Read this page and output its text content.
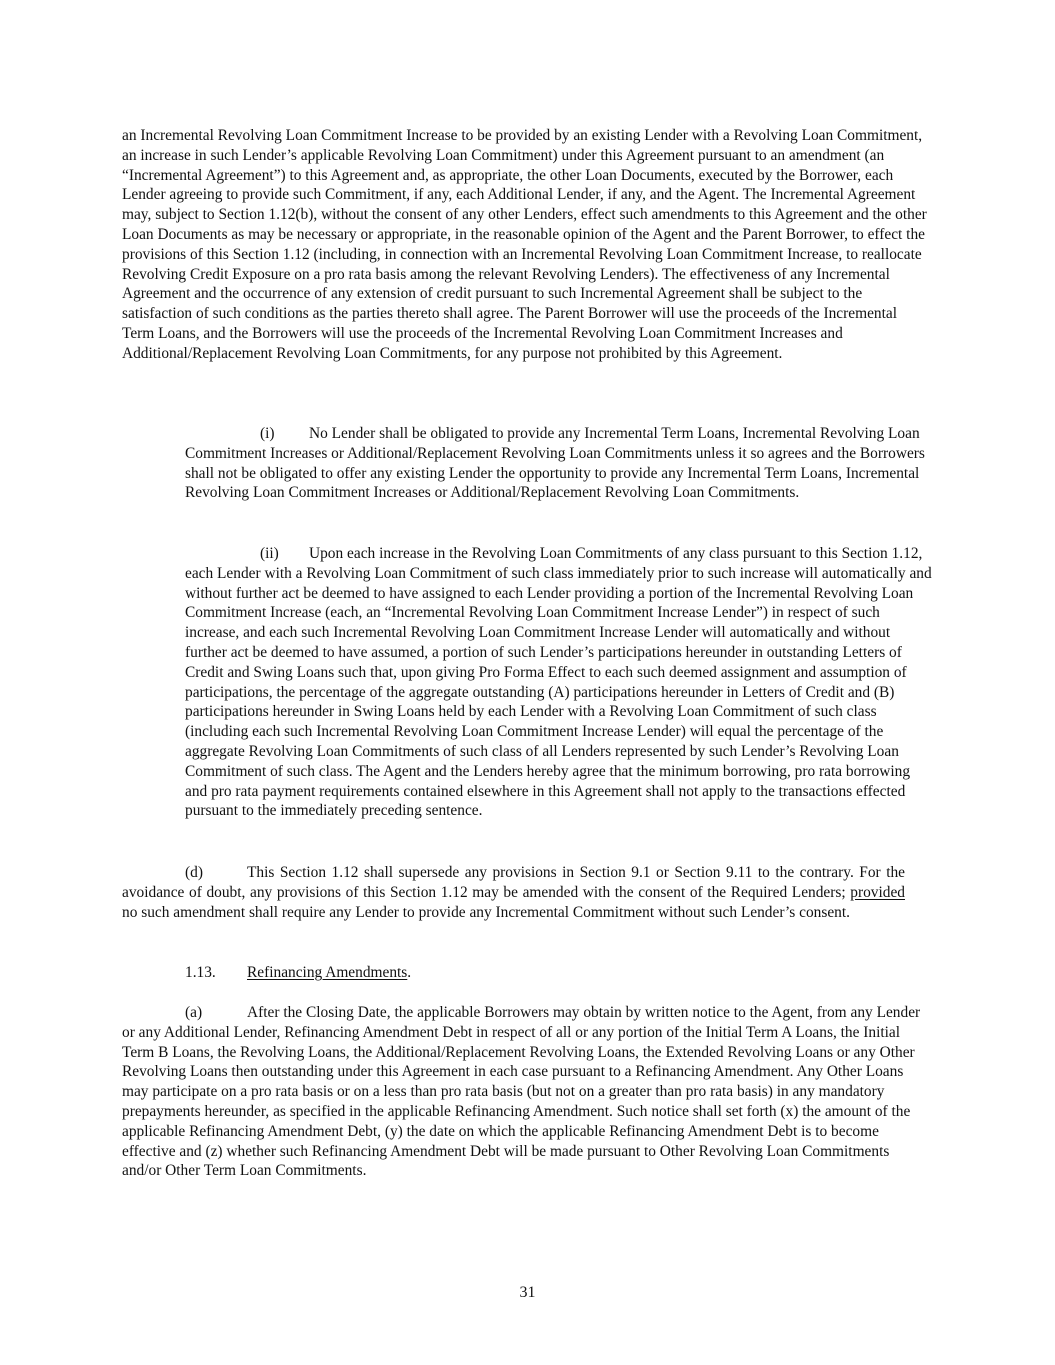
an Incremental Revolving Loan Commitment Increase to be provided by an existing Lender with a Revolving Loan Commitment, an increase in such Lender’s applicable Revolving Loan Commitment) under this Agreement pursuant to an amendment (an “Incremental Agreement”) to this Agreement and, as appropriate, the other Loan Documents, executed by the Borrower, each Lender agreeing to provide such Commitment, if any, each Additional Lender, if any, and the Agent. The Incremental Agreement may, subject to Section 1.12(b), without the consent of any other Lenders, effect such amendments to this Agreement and the other Loan Documents as may be necessary or appropriate, in the reasonable opinion of the Agent and the Parent Borrower, to effect the provisions of this Section 1.12 (including, in connection with an Incremental Revolving Loan Commitment Increase, to reallocate Revolving Credit Exposure on a pro rata basis among the relevant Revolving Lenders). The effectiveness of any Incremental Agreement and the occurrence of any extension of credit pursuant to such Incremental Agreement shall be subject to the satisfaction of such conditions as the parties thereto shall agree. The Parent Borrower will use the proceeds of the Incremental Term Loans, and the Borrowers will use the proceeds of the Incremental Revolving Loan Commitment Increases and Additional/Replacement Revolving Loan Commitments, for any purpose not prohibited by this Agreement.

(i) No Lender shall be obligated to provide any Incremental Term Loans, Incremental Revolving Loan Commitment Increases or Additional/Replacement Revolving Loan Commitments unless it so agrees and the Borrowers shall not be obligated to offer any existing Lender the opportunity to provide any Incremental Term Loans, Incremental Revolving Loan Commitment Increases or Additional/Replacement Revolving Loan Commitments.

(ii) Upon each increase in the Revolving Loan Commitments of any class pursuant to this Section 1.12, each Lender with a Revolving Loan Commitment of such class immediately prior to such increase will automatically and without further act be deemed to have assigned to each Lender providing a portion of the Incremental Revolving Loan Commitment Increase (each, an “Incremental Revolving Loan Commitment Increase Lender”) in respect of such increase, and each such Incremental Revolving Loan Commitment Increase Lender will automatically and without further act be deemed to have assumed, a portion of such Lender’s participations hereunder in outstanding Letters of Credit and Swing Loans such that, upon giving Pro Forma Effect to each such deemed assignment and assumption of participations, the percentage of the aggregate outstanding (A) participations hereunder in Letters of Credit and (B) participations hereunder in Swing Loans held by each Lender with a Revolving Loan Commitment of such class (including each such Incremental Revolving Loan Commitment Increase Lender) will equal the percentage of the aggregate Revolving Loan Commitments of such class of all Lenders represented by such Lender’s Revolving Loan Commitment of such class. The Agent and the Lenders hereby agree that the minimum borrowing, pro rata borrowing and pro rata payment requirements contained elsewhere in this Agreement shall not apply to the transactions effected pursuant to the immediately preceding sentence.

(d)	This Section 1.12 shall supersede any provisions in Section 9.1 or Section 9.11 to the contrary. For the avoidance of doubt, any provisions of this Section 1.12 may be amended with the consent of the Required Lenders; provided no such amendment shall require any Lender to provide any Incremental Commitment without such Lender’s consent.

1.13. Refinancing Amendments.

(a)	After the Closing Date, the applicable Borrowers may obtain by written notice to the Agent, from any Lender or any Additional Lender, Refinancing Amendment Debt in respect of all or any portion of the Initial Term A Loans, the Initial Term B Loans, the Revolving Loans, the Additional/Replacement Revolving Loans, the Extended Revolving Loans or any Other Revolving Loans then outstanding under this Agreement in each case pursuant to a Refinancing Amendment. Any Other Loans may participate on a pro rata basis or on a less than pro rata basis (but not on a greater than pro rata basis) in any mandatory prepayments hereunder, as specified in the applicable Refinancing Amendment. Such notice shall set forth (x) the amount of the applicable Refinancing Amendment Debt, (y) the date on which the applicable Refinancing Amendment Debt is to become effective and (z) whether such Refinancing Amendment Debt will be made pursuant to Other Revolving Loan Commitments and/or Other Term Loan Commitments.

31
